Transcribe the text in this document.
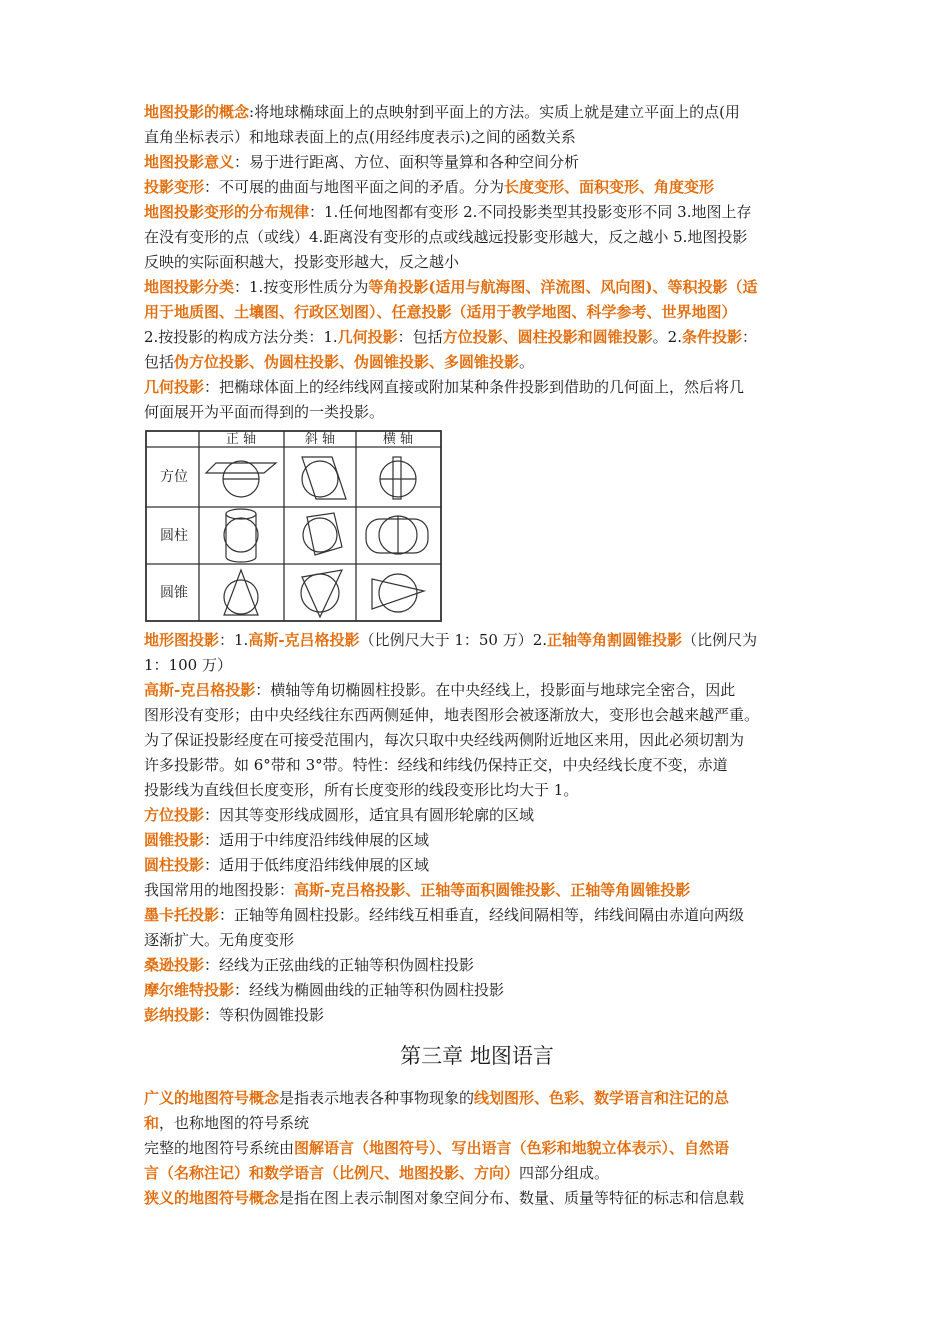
地图投影的概念:将地球椭球面上的点映射到平面上的方法。实质上就是建立平面上的点(用
直角坐标表示）和地球表面上的点(用经纬度表示)之间的函数关系
地图投影意义：易于进行距离、方位、面积等量算和各种空间分析
投影变形：不可展的曲面与地图平面之间的矛盾。分为长度变形、面积变形、角度变形
地图投影变形的分布规律：1.任何地图都有变形 2.不同投影类型其投影变形不同 3.地图上存
在没有变形的点（或线）4.距离没有变形的点或线越远投影变形越大，反之越小 5.地图投影
反映的实际面积越大，投影变形越大，反之越小
地图投影分类：1.按变形性质分为等角投影(适用与航海图、洋流图、风向图)、等积投影（适
用于地质图、土壤图、行政区划图）、任意投影（适用于教学地图、科学参考、世界地图）
2.按投影的构成方法分类：1.几何投影：包括方位投影、圆柱投影和圆锥投影。2.条件投影：
包括伪方位投影、伪圆柱投影、伪圆锥投影、多圆锥投影。
几何投影：把椭球体面上的经纬线网直接或附加某种条件投影到借助的几何面上，然后将几
何面展开为平面而得到的一类投影。
正 轴	斜 轴	横 轴
方位
圆柱
圆锥
地形图投影：1.高斯-克吕格投影（比例尺大于 1：50 万）2.正轴等角割圆锥投影（比例尺为
1：100 万）
高斯-克吕格投影：横轴等角切椭圆柱投影。在中央经线上，投影面与地球完全密合，因此
图形没有变形；由中央经线往东西两侧延伸，地表图形会被逐渐放大，变形也会越来越严重。
为了保证投影经度在可接受范围内，每次只取中央经线两侧附近地区来用，因此必须切割为
许多投影带。如 6°带和 3°带。特性：经线和纬线仍保持正交，中央经线长度不变，赤道
投影线为直线但长度变形，所有长度变形的线段变形比均大于 1。
方位投影：因其等变形线成圆形，适宜具有圆形轮廓的区域
圆锥投影：适用于中纬度沿纬线伸展的区域
圆柱投影：适用于低纬度沿纬线伸展的区域
我国常用的地图投影：高斯-克吕格投影、正轴等面积圆锥投影、正轴等角圆锥投影
墨卡托投影：正轴等角圆柱投影。经纬线互相垂直，经线间隔相等，纬线间隔由赤道向两级
逐渐扩大。无角度变形
桑逊投影：经线为正弦曲线的正轴等积伪圆柱投影
摩尔维特投影：经线为椭圆曲线的正轴等积伪圆柱投影
彭纳投影：等积伪圆锥投影
第三章 地图语言
广义的地图符号概念是指表示地表各种事物现象的线划图形、色彩、数学语言和注记的总
和，也称地图的符号系统
完整的地图符号系统由图解语言（地图符号）、写出语言（色彩和地貌立体表示）、自然语
言（名称注记）和数学语言（比例尺、地图投影、方向）四部分组成。
狭义的地图符号概念是指在图上表示制图对象空间分布、数量、质量等特征的标志和信息载
